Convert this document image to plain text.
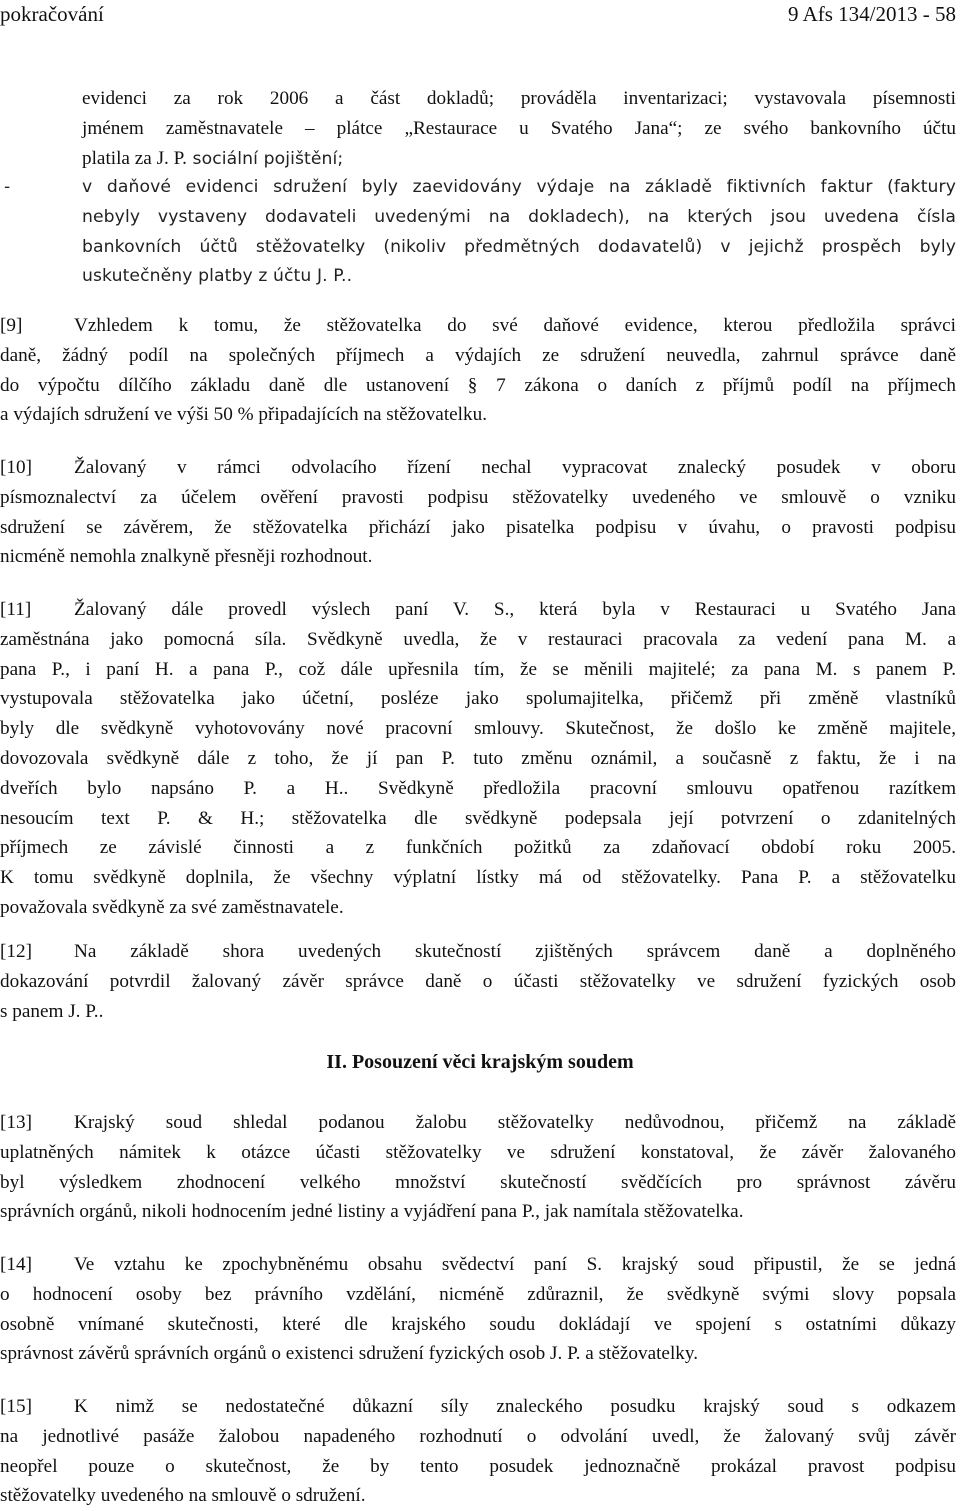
pokračování	9 Afs 134/2013 - 58
evidenci za rok 2006 a část dokladů; prováděla inventarizaci; vystavovala písemnosti
jménem zaměstnavatele – plátce „Restaurace u Svatého Jana“; ze svého bankovního účtu
platila za J. P. sociální pojištění;
-	v daňové evidenci sdružení byly zaevidovány výdaje na základě fiktivních faktur (faktury
nebyly vystaveny dodavateli uvedenými na dokladech), na kterých jsou uvedena čísla
bankovních účtů stěžovatelky (nikoliv předmětných dodavatelů) v jejichž prospěch byly
uskutečněny platby z účtu J. P..
[9]	Vzhledem k tomu, že stěžovatelka do své daňové evidence, kterou předložila správci
daně, žádný podíl na společných příjmech a výdajích ze sdružení neuvedla, zahrnul správce daně
do výpočtu dílčího základu daně dle ustanovení § 7 zákona o daních z příjmů podíl na příjmech
a výdajích sdružení ve výši 50 % připadajících na stěžovatelku.
[10] Žalovaný v rámci odvolacího řízení nechal vypracovat znalecký posudek v oboru
písmoznalectví za účelem ověření pravosti podpisu stěžovatelky uvedeného ve smlouvě o vzniku
sdružení se závěrem, že stěžovatelka přichází jako pisatelka podpisu v úvahu, o pravosti podpisu
nicméně nemohla znalkyně přesněji rozhodnout.
[11] Žalovaný dále provedl výslech paní V. S., která byla v Restauraci u Svatého Jana
zaměstnána jako pomocná síla. Svědkyně uvedla, že v restauraci pracovala za vedení pana M. a
pana P., i paní H. a pana P., což dále upřesnila tím, že se měnili majitelé; za pana M. s panem P.
vystupovala stěžovatelka jako účetní, posléze jako spolumajitelka, přičemž při změně vlastníků
byly dle svědkyně vyhotovovány nové pracovní smlouvy. Skutečnost, že došlo ke změně majitele,
dovozovala svědkyně dále z toho, že jí pan P. tuto změnu oznámil, a současně z faktu, že i na
dveřích bylo napsáno P. a H.. Svědkyně předložila pracovní smlouvu opatřenou razítkem
nesoucím text P. & H.; stěžovatelka dle svědkyně podepsala její potvrzení o zdanitelných
příjmech ze závislé činnosti a z funkčních požitků za zdaňovací období roku 2005.
K tomu svědkyně doplnila, že všechny výplatní lístky má od stěžovatelky. Pana P. a stěžovatelku
považovala svědkyně za své zaměstnavatele.
[12] Na základě shora uvedených skutečností zjištěných správcem daně a doplněného
dokazování potvrdil žalovaný závěr správce daně o účasti stěžovatelky ve sdružení fyzických osob
s panem J. P..
II. Posouzení věci krajským soudem
[13] Krajský soud shledal podanou žalobu stěžovatelky nedůvodnou, přičemž na základě
uplatněných námitek k otázce účasti stěžovatelky ve sdružení konstatoval, že závěr žalovaného
byl výsledkem zhodnocení velkého množství skutečností svědčících pro správnost závěru
správních orgánů, nikoli hodnocením jedné listiny a vyjádření pana P., jak namítala stěžovatelka.
[14] Ve vztahu ke zpochybněnému obsahu svědectví paní S. krajský soud připustil, že se jedná
o hodnocení osoby bez právního vzdělání, nicméně zdůraznil, že svědkyně svými slovy popsala
osobně vnímané skutečnosti, které dle krajského soudu dokládají ve spojení s ostatními důkazy
správnost závěrů správních orgánů o existenci sdružení fyzických osob J. P. a stěžovatelky.
[15] K nimž se nedostatečné důkazní síly znaleckého posudku krajský soud s odkazem
na jednotlivé pasáže žalobou napadeného rozhodnutí o odvolání uvedl, že žalovaný svůj závěr
neopřel pouze o skutečnost, že by tento posudek jednoznačně prokázal pravost podpisu
stěžovatelky uvedeného na smlouvě o sdružení.
